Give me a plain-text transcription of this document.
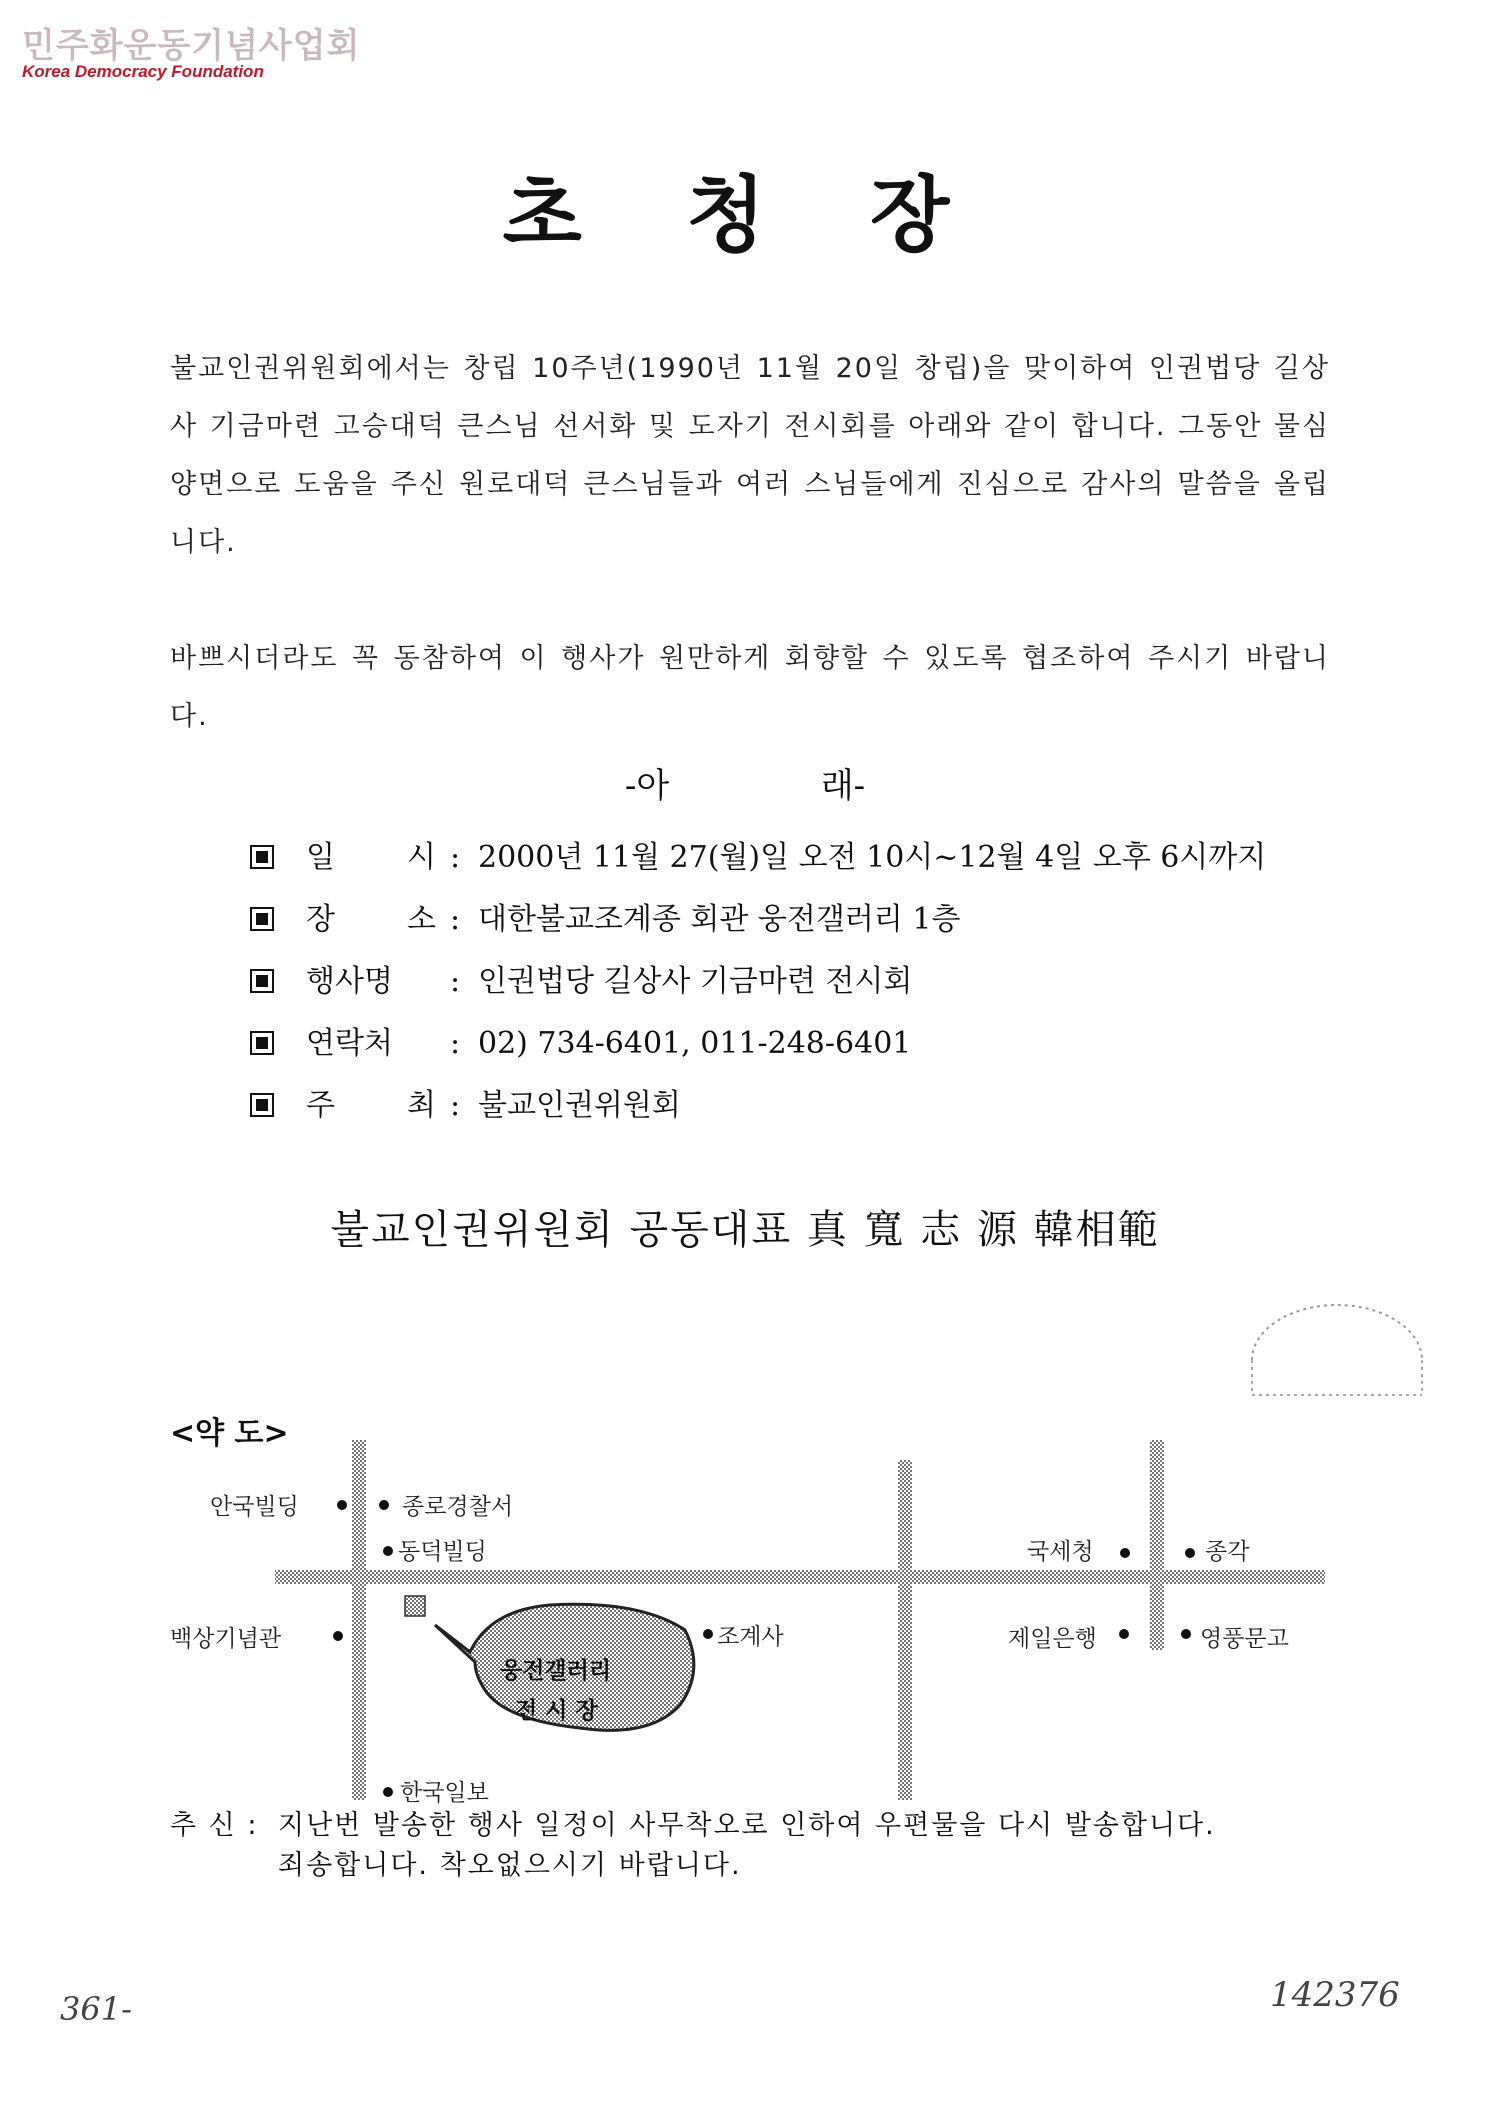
민주화운동기념사업회
Korea Democracy Foundation
초 청 장
불교인권위원회에서는 창립 10주년(1990년 11월 20일 창립)을 맞이하여 인권법당 길상사 기금마련 고승대덕 큰스님 선서화 및 도자기 전시회를 아래와 같이 합니다. 그동안 물심양면으로 도움을 주신 원로대덕 큰스님들과 여러 스님들에게 진심으로 감사의 말씀을 올립니다.
바쁘시더라도 꼭 동참하여 이 행사가 원만하게 회향할 수 있도록 협조하여 주시기 바랍니다.
-아	래-
일 시 : 2000년 11월 27(월)일 오전 10시~12월 4일 오후 6시까지
장 소 : 대한불교조계종 회관 웅전갤러리 1층
행사명	: 인권법당 길상사 기금마련 전시회
연락처	: 02) 734-6401, 011-248-6401
주 최 : 불교인권위원회
불교인권위원회 공동대표 真 寬 志 源 韓相範
<약 도>
안국빌딩	종로경찰서
동덕빌딩
백상기념관	조계사
한국일보
국세청	종각
제일은행	영풍문고
웅전갤러리
전 시 장
추 신 : 지난번 발송한 행사 일정이 사무착오로 인하여 우편물을 다시 발송합니다.
죄송합니다. 착오없으시기 바랍니다.
361-	142376
